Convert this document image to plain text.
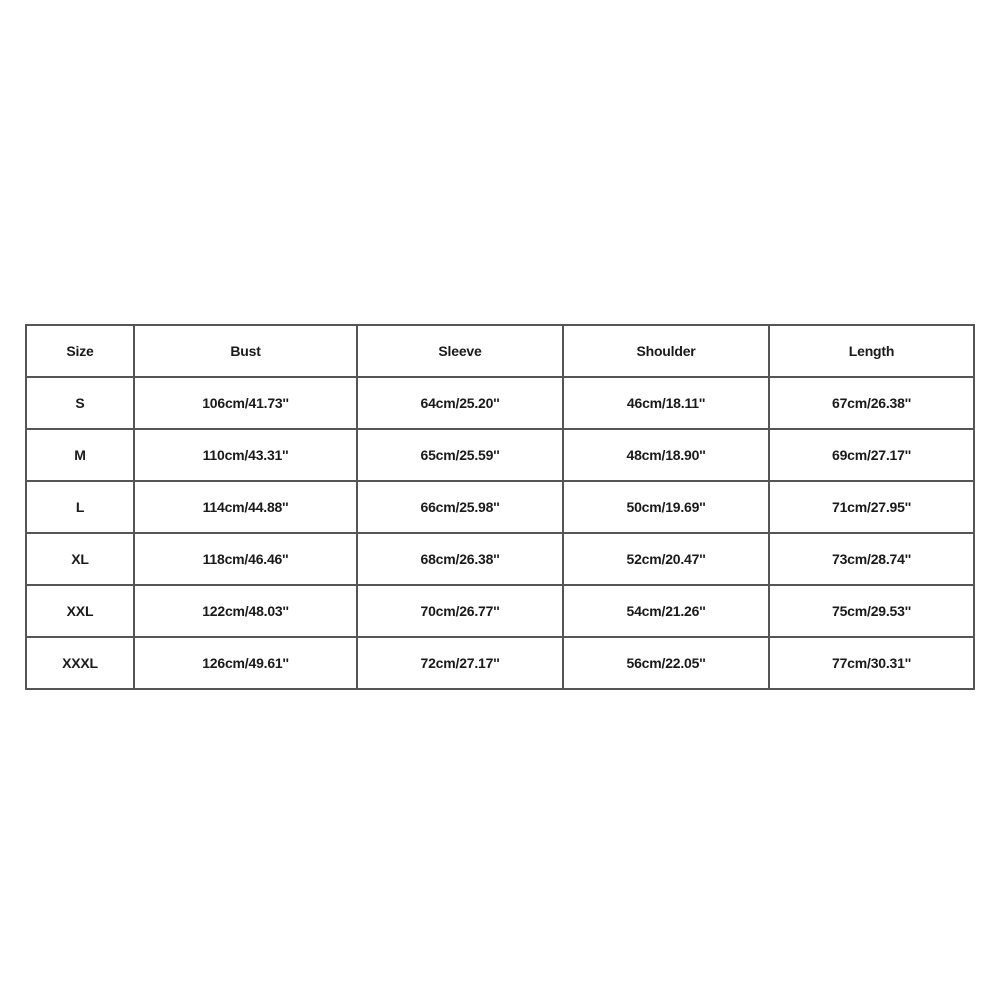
Size	Bust	Sleeve	Shoulder	Length
S	106cm/41.73''	64cm/25.20''	46cm/18.11''	67cm/26.38''
M	110cm/43.31''	65cm/25.59''	48cm/18.90''	69cm/27.17''
L	114cm/44.88''	66cm/25.98''	50cm/19.69''	71cm/27.95''
XL	118cm/46.46''	68cm/26.38''	52cm/20.47''	73cm/28.74''
XXL	122cm/48.03''	70cm/26.77''	54cm/21.26''	75cm/29.53''
XXXL	126cm/49.61''	72cm/27.17''	56cm/22.05''	77cm/30.31''
